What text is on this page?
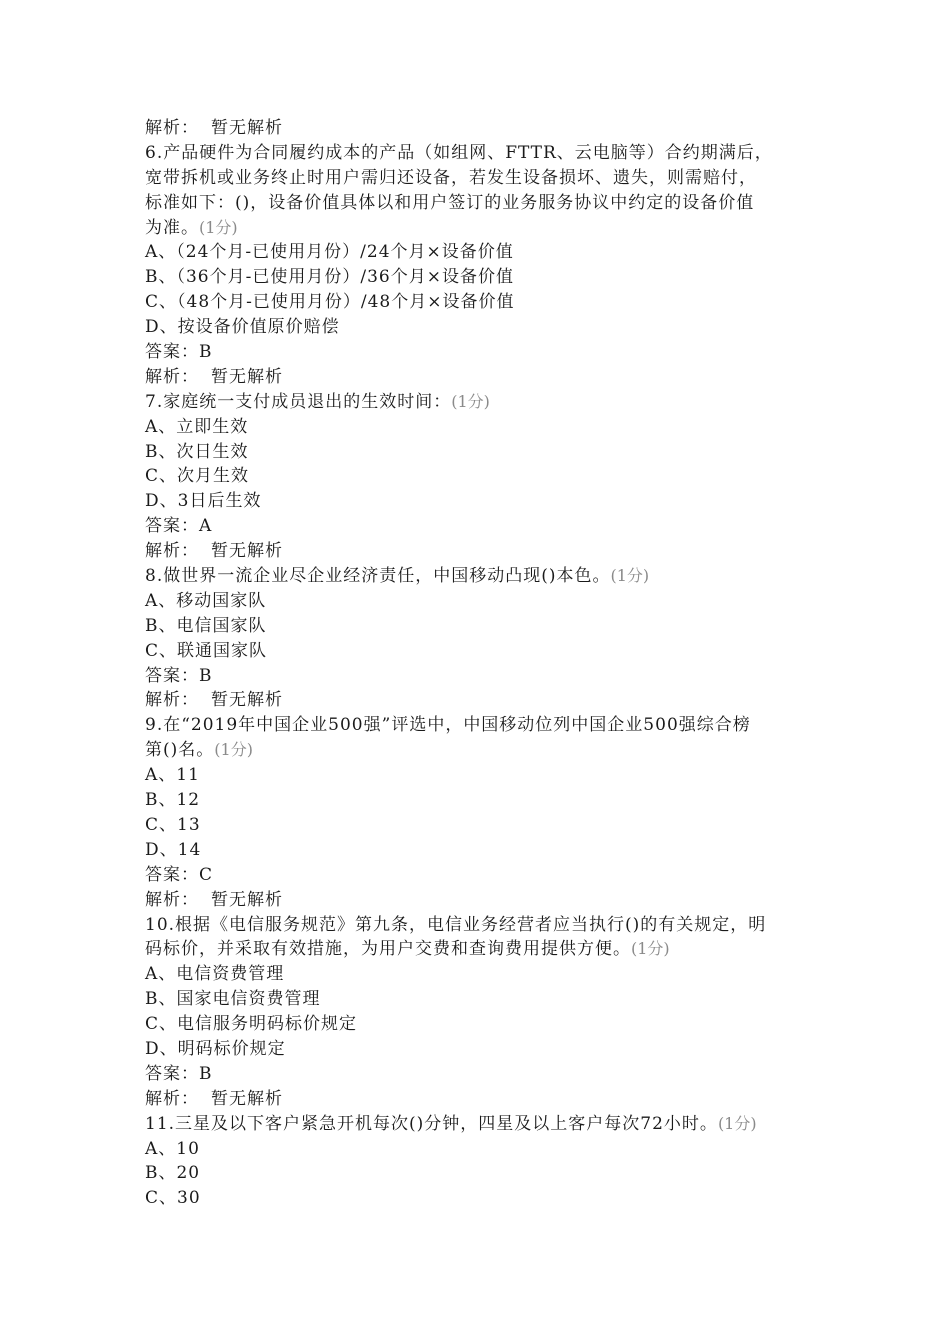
解析： 暂无解析
6.产品硬件为合同履约成本的产品（如组网、FTTR、云电脑等）合约期满后，
宽带拆机或业务终止时用户需归还设备，若发生设备损坏、遗失，则需赔付，
标准如下：()，设备价值具体以和用户签订的业务服务协议中约定的设备价值
为准。(1分)
A、（24个月-已使用月份）/24个月×设备价值
B、（36个月-已使用月份）/36个月×设备价值
C、（48个月-已使用月份）/48个月×设备价值
D、按设备价值原价赔偿
答案：B
解析： 暂无解析
7.家庭统一支付成员退出的生效时间：(1分)
A、立即生效
B、次日生效
C、次月生效
D、3日后生效
答案：A
解析： 暂无解析
8.做世界一流企业尽企业经济责任，中国移动凸现()本色。(1分)
A、移动国家队
B、电信国家队
C、联通国家队
答案：B
解析： 暂无解析
9.在“2019年中国企业500强”评选中，中国移动位列中国企业500强综合榜
第()名。(1分)
A、11
B、12
C、13
D、14
答案：C
解析： 暂无解析
10.根据《电信服务规范》第九条，电信业务经营者应当执行()的有关规定，明
码标价，并采取有效措施，为用户交费和查询费用提供方便。(1分)
A、电信资费管理
B、国家电信资费管理
C、电信服务明码标价规定
D、明码标价规定
答案：B
解析： 暂无解析
11.三星及以下客户紧急开机每次()分钟，四星及以上客户每次72小时。(1分)
A、10
B、20
C、30
